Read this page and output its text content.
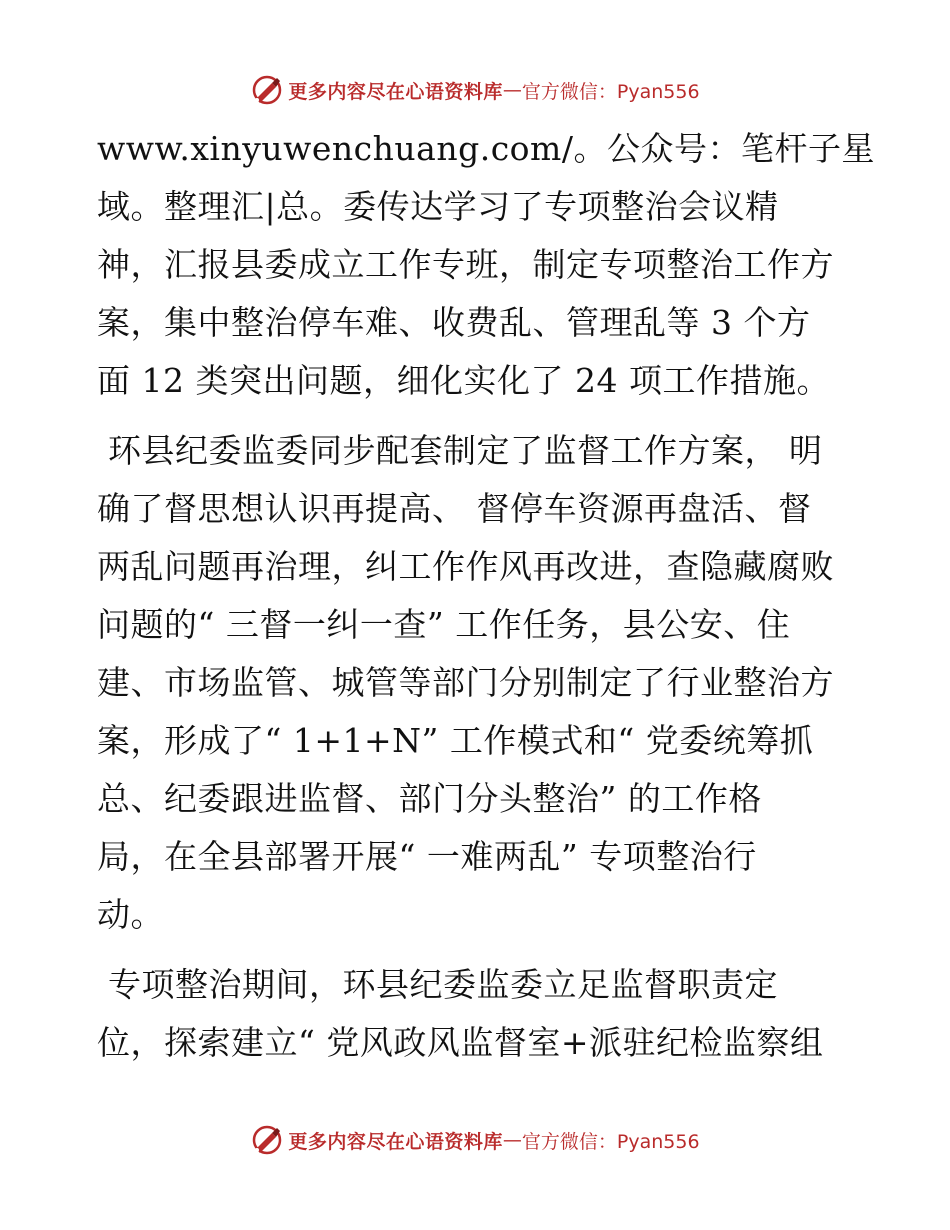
更多内容尽在心语资料库 — 官方微信：Pyan556
www.xinyuwenchuang.com/。公众号：笔杆子星
域。整理汇|总。委传达学习了专项整治会议精
神，汇报县委成立工作专班，制定专项整治工作方
案，集中整治停车难、收费乱、管理乱等 3 个方
面 12 类突出问题，细化实化了 24 项工作措施。
环县纪委监委同步配套制定了监督工作方案， 明
确了督思想认识再提高、 督停车资源再盘活、督
两乱问题再治理，纠工作作风再改进，查隐藏腐败
问题的“ 三督一纠一查” 工作任务，县公安、住
建、市场监管、城管等部门分别制定了行业整治方
案，形成了“ 1+1+N” 工作模式和“ 党委统筹抓
总、纪委跟进监督、部门分头整治” 的工作格
局，在全县部署开展“ 一难两乱” 专项整治行
动。
专项整治期间，环县纪委监委立足监督职责定
位，探索建立“ 党风政风监督室+派驻纪检监察组
更多内容尽在心语资料库 — 官方微信：Pyan556
